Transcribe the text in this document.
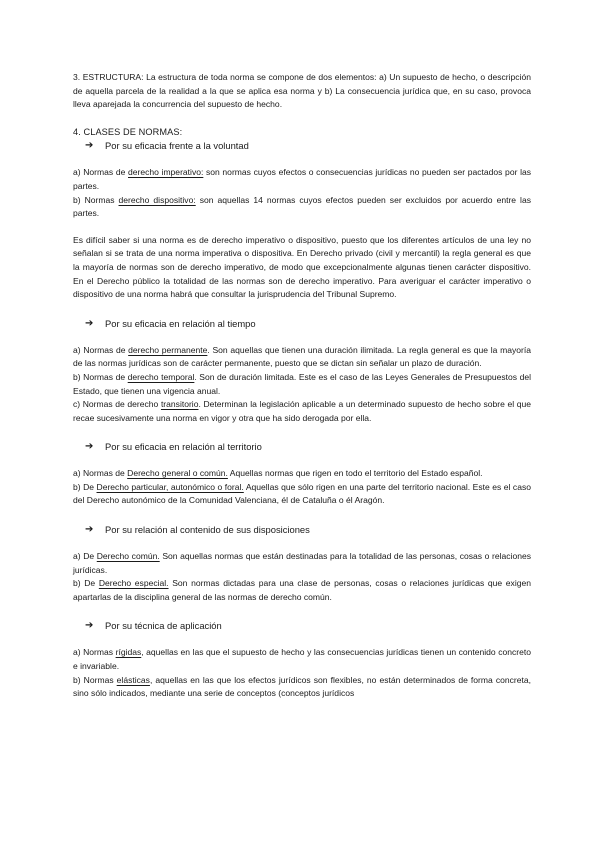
3. ESTRUCTURA: La estructura de toda norma se compone de dos elementos: a) Un supuesto de hecho, o descripción de aquella parcela de la realidad a la que se aplica esa norma y b) La consecuencia jurídica que, en su caso, provoca lleva aparejada la concurrencia del supuesto de hecho.

4. CLASES DE NORMAS:

➔	Por su eficacia frente a la voluntad

a) Normas de derecho imperativo: son normas cuyos efectos o consecuencias jurídicas no pueden ser pactados por las partes.

b) Normas derecho dispositivo: son aquellas 14 normas cuyos efectos pueden ser excluidos por acuerdo entre las partes.

Es difícil saber si una norma es de derecho imperativo o dispositivo, puesto que los diferentes artículos de una ley no señalan si se trata de una norma imperativa o dispositiva. En Derecho privado (civil y mercantil) la regla general es que la mayoría de normas son de derecho imperativo, de modo que excepcionalmente algunas tienen carácter dispositivo. En el Derecho público la totalidad de las normas son de derecho imperativo. Para averiguar el carácter imperativo o dispositivo de una norma habrá que consultar la jurisprudencia del Tribunal Supremo.

➔	Por su eficacia en relación al tiempo

a) Normas de derecho permanente. Son aquellas que tienen una duración ilimitada. La regla general es que la mayoría de las normas jurídicas son de carácter permanente, puesto que se dictan sin señalar un plazo de duración.

b) Normas de derecho temporal. Son de duración limitada. Este es el caso de las Leyes Generales de Presupuestos del Estado, que tienen una vigencia anual.

c) Normas de derecho transitorio. Determinan la legislación aplicable a un determinado supuesto de hecho sobre el que recae sucesivamente una norma en vigor y otra que ha sido derogada por ella.

➔	Por su eficacia en relación al territorio

a) Normas de Derecho general o común. Aquellas normas que rigen en todo el territorio del Estado español.

b) De Derecho particular, autonómico o foral. Aquellas que sólo rigen en una parte del territorio nacional. Este es el caso del Derecho autonómico de la Comunidad Valenciana, él de Cataluña o él Aragón.

➔	Por su relación al contenido de sus disposiciones

a) De Derecho común. Son aquellas normas que están destinadas para la totalidad de las personas, cosas o relaciones jurídicas.

b) De Derecho especial. Son normas dictadas para una clase de personas, cosas o relaciones jurídicas que exigen apartarlas de la disciplina general de las normas de derecho común.

➔	Por su técnica de aplicación

a) Normas rígidas, aquellas en las que el supuesto de hecho y las consecuencias jurídicas tienen un contenido concreto e invariable.

b) Normas elásticas, aquellas en las que los efectos jurídicos son flexibles, no están determinados de forma concreta, sino sólo indicados, mediante una serie de conceptos (conceptos jurídicos
